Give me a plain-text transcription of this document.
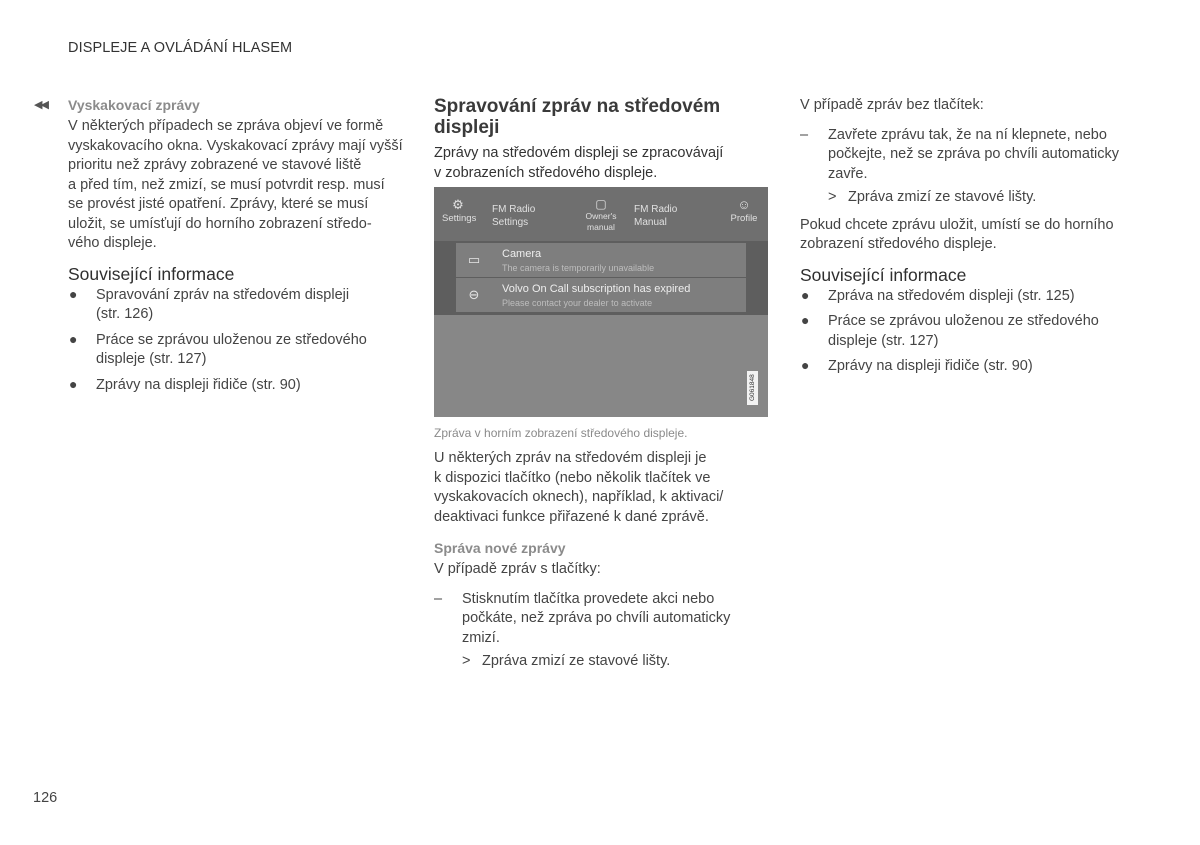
DISPLEJE A OVLÁDÁNÍ HLASEM
◀◀ Vyskakovací zprávy
V některých případech se zpráva objeví ve formě
vyskakovacího okna. Vyskakovací zprávy mají vyšší
prioritu než zprávy zobrazené ve stavové liště
a před tím, než zmizí, se musí potvrdit resp. musí
se provést jisté opatření. Zprávy, které se musí
uložit, se umísťují do horního zobrazení středo-
vého displeje.
Související informace
● Spravování zpráv na středovém displeji
(str. 126)
● Práce se zprávou uloženou ze středového
displeje (str. 127)
● Zprávy na displeji řidiče (str. 90)
Spravování zpráv na středovém
displeji
Zprávy na středovém displeji se zpracovávají
v zobrazeních středového displeje.
⚙
Settings
FM Radio
Settings
▢
Owner's
manual
FM Radio
Manual
☺
Profile
▭	Camera
The camera is temporarily unavailable
⊖	Volvo On Call subscription has expired
Please contact your dealer to activate
G061848
Zpráva v horním zobrazení středového displeje.
U některých zpráv na středovém displeji je
k dispozici tlačítko (nebo několik tlačítek ve
vyskakovacích oknech), například, k aktivaci/
deaktivaci funkce přiřazené k dané zprávě.
Správa nové zprávy
V případě zpráv s tlačítky:
– Stisknutím tlačítka provedete akci nebo
počkáte, než zpráva po chvíli automaticky
zmizí.
> Zpráva zmizí ze stavové lišty.
V případě zpráv bez tlačítek:
– Zavřete zprávu tak, že na ní klepnete, nebo
počkejte, než se zpráva po chvíli automaticky
zavře.
> Zpráva zmizí ze stavové lišty.
Pokud chcete zprávu uložit, umístí se do horního
zobrazení středového displeje.
Související informace
● Zpráva na středovém displeji (str. 125)
● Práce se zprávou uloženou ze středového
displeje (str. 127)
● Zprávy na displeji řidiče (str. 90)
126
